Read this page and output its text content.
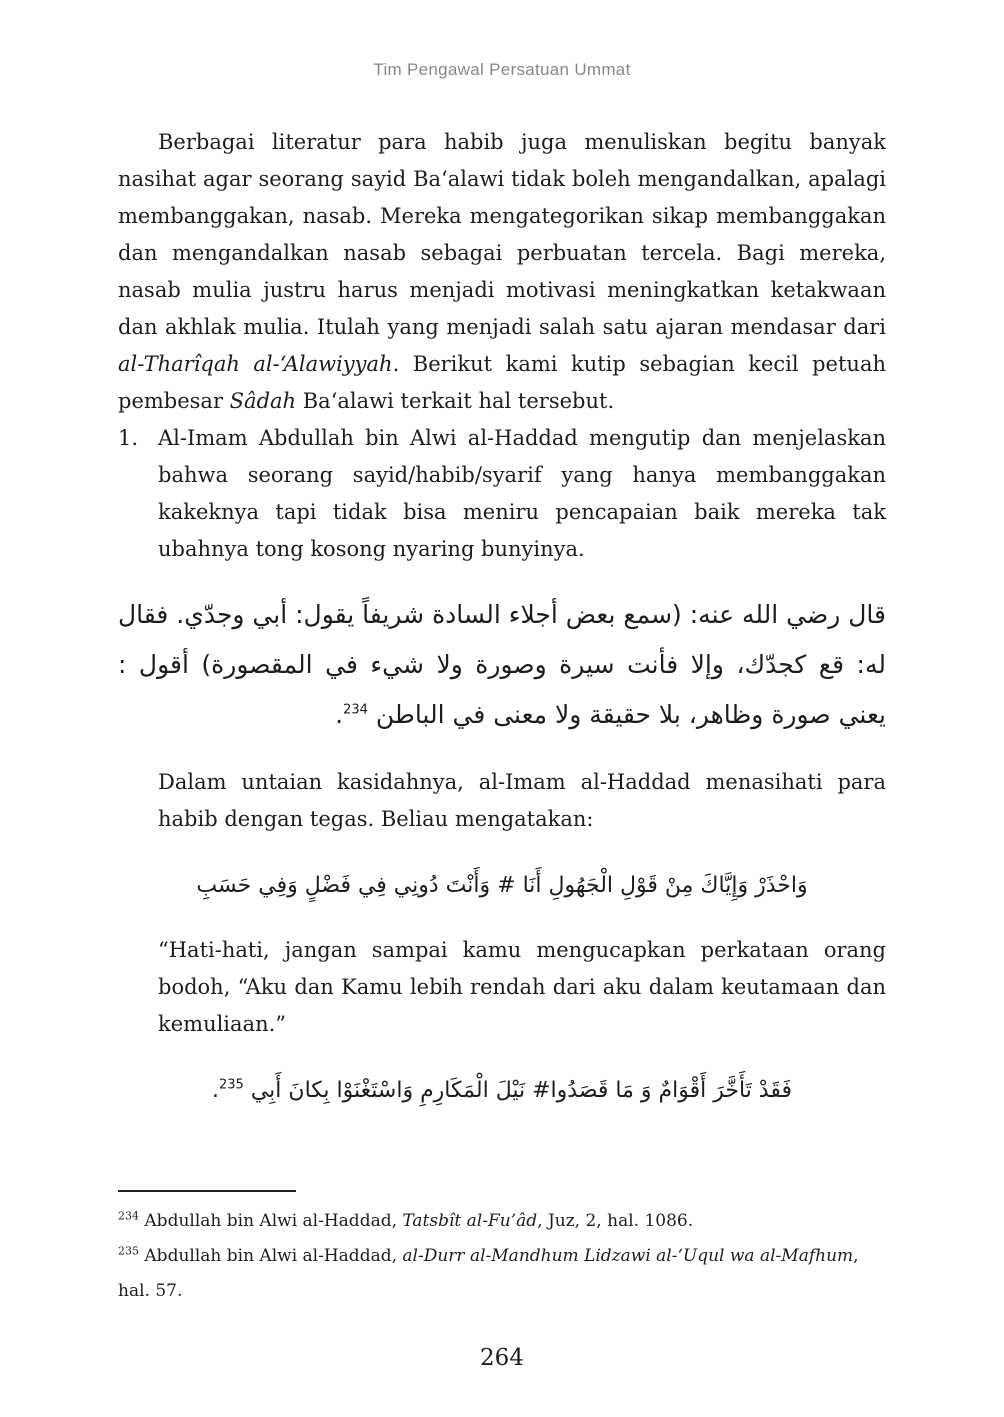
Tim Pengawal Persatuan Ummat

Berbagai literatur para habib juga menuliskan begitu banyak nasihat agar seorang sayid Ba‘alawi tidak boleh mengandalkan, apalagi membanggakan, nasab. Mereka mengategorikan sikap membanggakan dan mengandalkan nasab sebagai perbuatan tercela. Bagi mereka, nasab mulia justru harus menjadi motivasi meningkatkan ketakwaan dan akhlak mulia. Itulah yang menjadi salah satu ajaran mendasar dari al-Tharîqah al-‘Alawiyyah. Berikut kami kutip sebagian kecil petuah pembesar Sâdah Ba‘alawi terkait hal tersebut.

1. Al-Imam Abdullah bin Alwi al-Haddad mengutip dan menjelaskan bahwa seorang sayid/habib/syarif yang hanya membanggakan kakeknya tapi tidak bisa meniru pencapaian baik mereka tak ubahnya tong kosong nyaring bunyinya.

قال رضي الله عنه: (سمع بعض أجلاء السادة شريفاً يقول: أبي وجدّي. فقال له: قع كجدّك، وإلا فأنت سيرة وصورة ولا شيء في المقصورة) أقول : يعني صورة وظاهر، بلا حقيقة ولا معنى في الباطن $^{234}$.

Dalam untaian kasidahnya, al-Imam al-Haddad menasihati para habib dengan tegas. Beliau mengatakan:

وَاحْذَرْ وَإِيَّاكَ مِنْ قَوْلِ الْجَهُولِ أَنَا # وَأَنْتَ دُونِي فِي فَضْلٍ وَفِي حَسَبِ

“Hati-hati, jangan sampai kamu mengucapkan perkataan orang bodoh, “Aku dan Kamu lebih rendah dari aku dalam keutamaan dan kemuliaan.”

فَقَدْ تَأَخَّرَ أَقْوَامٌ وَ مَا قَصَدُوا# نَيْلَ الْمَكَارِمِ وَاسْتَغْنَوْا بِكانَ أَبِي $^{235}$.

$^{234}$ Abdullah bin Alwi al-Haddad, Tatsbît al-Fu’âd, Juz, 2, hal. 1086.
$^{235}$ Abdullah bin Alwi al-Haddad, al-Durr al-Mandhum Lidzawi al-‘Uqul wa al-Mafhum, hal. 57.
264
